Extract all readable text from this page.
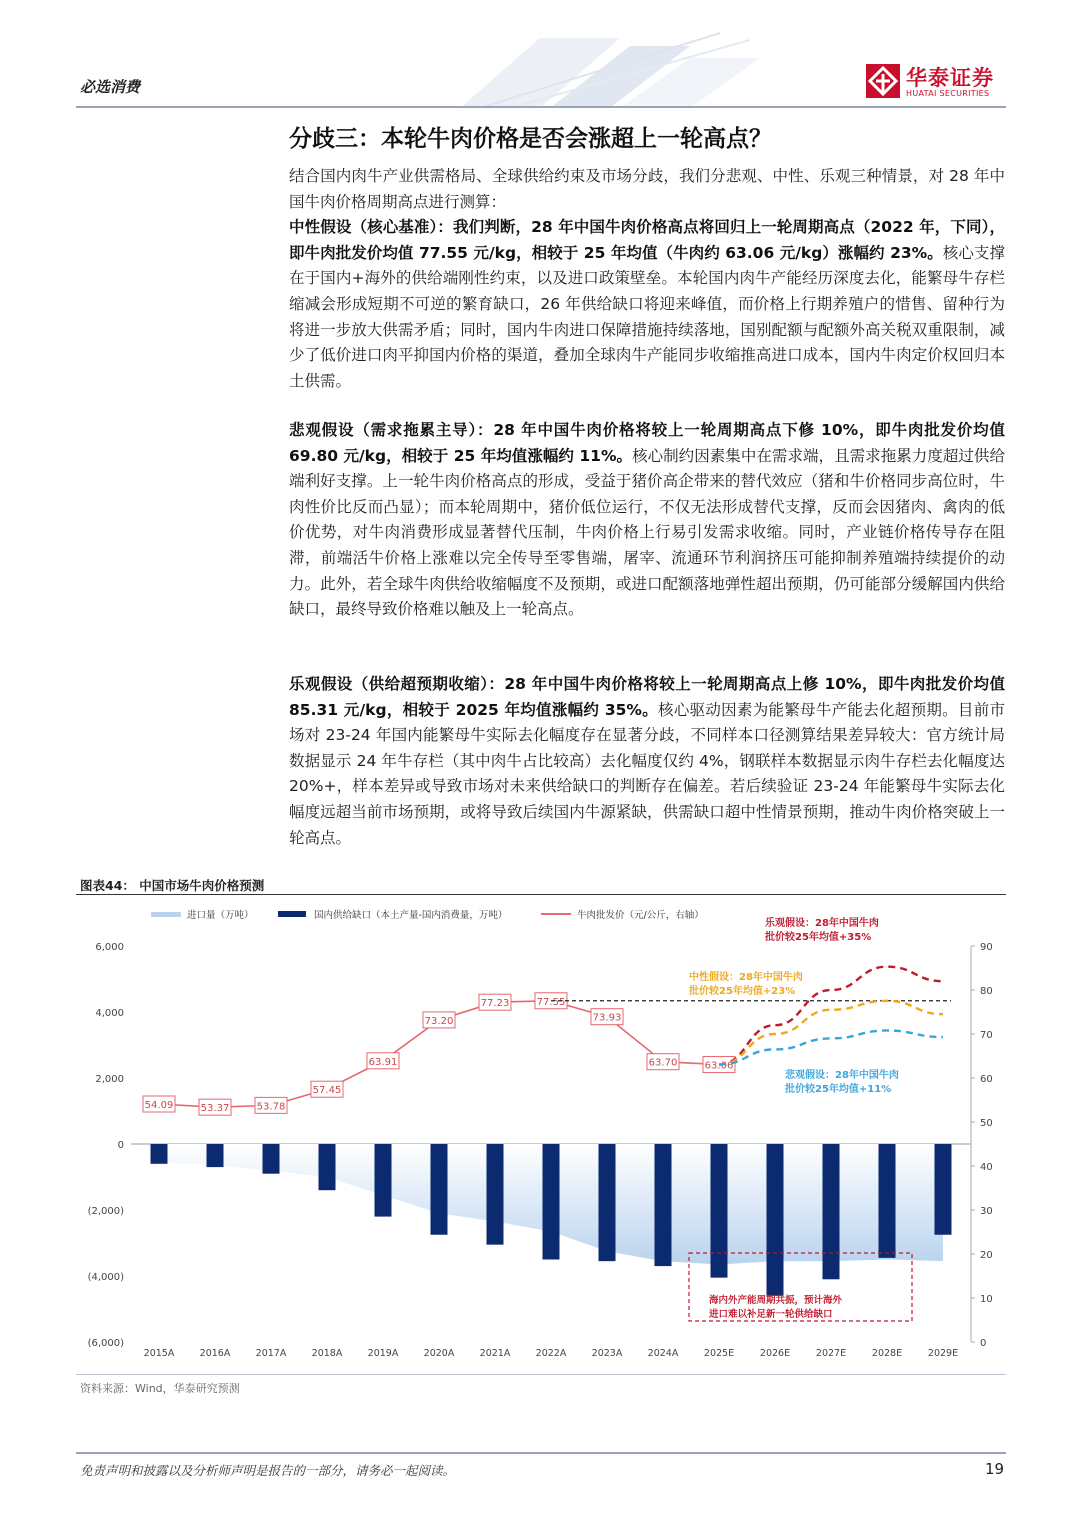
必选消费	华泰证券
HUATAI SECURITIES
分歧三：本轮牛肉价格是否会涨超上一轮高点？
结合国内肉牛产业供需格局、全球供给约束及市场分歧，我们分悲观、中性、乐观三种情景，对 28 年中国牛肉价格周期高点进行测算：
中性假设（核心基准）：我们判断，28 年中国牛肉价格高点将回归上一轮周期高点（2022 年，下同），即牛肉批发价均值 77.55 元/kg，相较于 25 年均值（牛肉约 63.06 元/kg）涨幅约 23%。核心支撑在于国内+海外的供给端刚性约束，以及进口政策壁垒。本轮国内肉牛产能经历深度去化，能繁母牛存栏缩减会形成短期不可逆的繁育缺口，26 年供给缺口将迎来峰值，而价格上行期养殖户的惜售、留种行为将进一步放大供需矛盾；同时，国内牛肉进口保障措施持续落地，国别配额与配额外高关税双重限制，减少了低价进口肉平抑国内价格的渠道，叠加全球肉牛产能同步收缩推高进口成本，国内牛肉定价权回归本土供需。
悲观假设（需求拖累主导）：28 年中国牛肉价格将较上一轮周期高点下修 10%，即牛肉批发价均值 69.80 元/kg，相较于 25 年均值涨幅约 11%。核心制约因素集中在需求端，且需求拖累力度超过供给端利好支撑。上一轮牛肉价格高点的形成，受益于猪价高企带来的替代效应（猪和牛价格同步高位时，牛肉性价比反而凸显）；而本轮周期中，猪价低位运行，不仅无法形成替代支撑，反而会因猪肉、禽肉的低价优势，对牛肉消费形成显著替代压制，牛肉价格上行易引发需求收缩。同时，产业链价格传导存在阻滞，前端活牛价格上涨难以完全传导至零售端，屠宰、流通环节利润挤压可能抑制养殖端持续提价的动力。此外，若全球牛肉供给收缩幅度不及预期，或进口配额落地弹性超出预期，仍可能部分缓解国内供给缺口，最终导致价格难以触及上一轮高点。
乐观假设（供给超预期收缩）：28 年中国牛肉价格将较上一轮周期高点上修 10%，即牛肉批发价均值 85.31 元/kg，相较于 2025 年均值涨幅约 35%。核心驱动因素为能繁母牛产能去化超预期。目前市场对 23-24 年国内能繁母牛实际去化幅度存在显著分歧，不同样本口径测算结果差异较大：官方统计局数据显示 24 年牛存栏（其中肉牛占比较高）去化幅度仅约 4%，钢联样本数据显示肉牛存栏去化幅度达 20%+，样本差异或导致市场对未来供给缺口的判断存在偏差。若后续验证 23-24 年能繁母牛实际去化幅度远超当前市场预期，或将导致后续国内牛源紧缺，供需缺口超中性情景预期，推动牛肉价格突破上一轮高点。
图表44： 中国市场牛肉价格预测
进口量（万吨）	国内供给缺口（本土产量-国内消费量，万吨）	牛肉批发价（元/公斤，右轴）
6,000
4,000
2,000
0
(2,000)
(4,000)
(6,000)
90
80
70
60
50
40
30
20
10
0
2015A	2016A	2017A	2018A	2019A	2020A	2021A	2022A	2023A	2024A	2025E	2026E	2027E	2028E	2029E
54.09	53.37	53.78
57.45
63.91
73.20
77.23	77.55
73.93
63.70	63.06
乐观假设：28年中国牛肉
批价较25年均值+35%
中性假设：28年中国牛肉
批价较25年均值+23%
悲观假设：28年中国牛肉
批价较25年均值+11%
海内外产能周期共振，预计海外
进口难以补足新一轮供给缺口
资料来源：Wind，华泰研究预测
免责声明和披露以及分析师声明是报告的一部分，请务必一起阅读。	19
